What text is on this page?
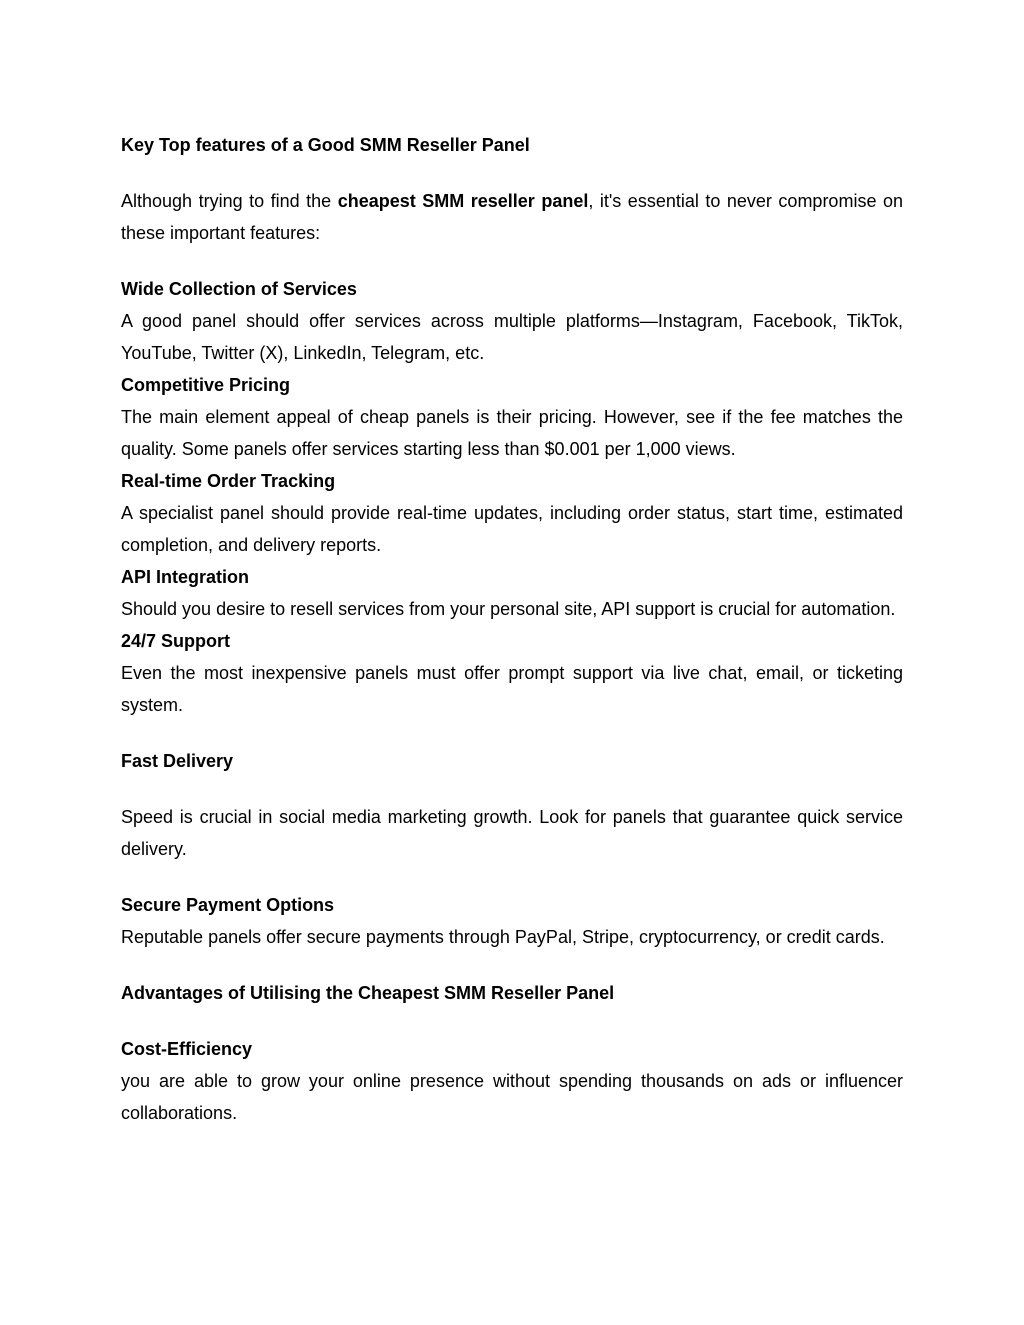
Key Top features of a Good SMM Reseller Panel

Although trying to find the cheapest SMM reseller panel, it's essential to never compromise on these important features:

Wide Collection of Services

A good panel should offer services across multiple platforms—Instagram, Facebook, TikTok, YouTube, Twitter (X), LinkedIn, Telegram, etc.

Competitive Pricing

The main element appeal of cheap panels is their pricing. However, see if the fee matches the quality. Some panels offer services starting less than $0.001 per 1,000 views.

Real-time Order Tracking

A specialist panel should provide real-time updates, including order status, start time, estimated completion, and delivery reports.

API Integration

Should you desire to resell services from your personal site, API support is crucial for automation.

24/7 Support

Even the most inexpensive panels must offer prompt support via live chat, email, or ticketing system.

Fast Delivery

Speed is crucial in social media marketing growth. Look for panels that guarantee quick service delivery.

Secure Payment Options

Reputable panels offer secure payments through PayPal, Stripe, cryptocurrency, or credit cards.

Advantages of Utilising the Cheapest SMM Reseller Panel
Cost-Efficiency

you are able to grow your online presence without spending thousands on ads or influencer collaborations.
